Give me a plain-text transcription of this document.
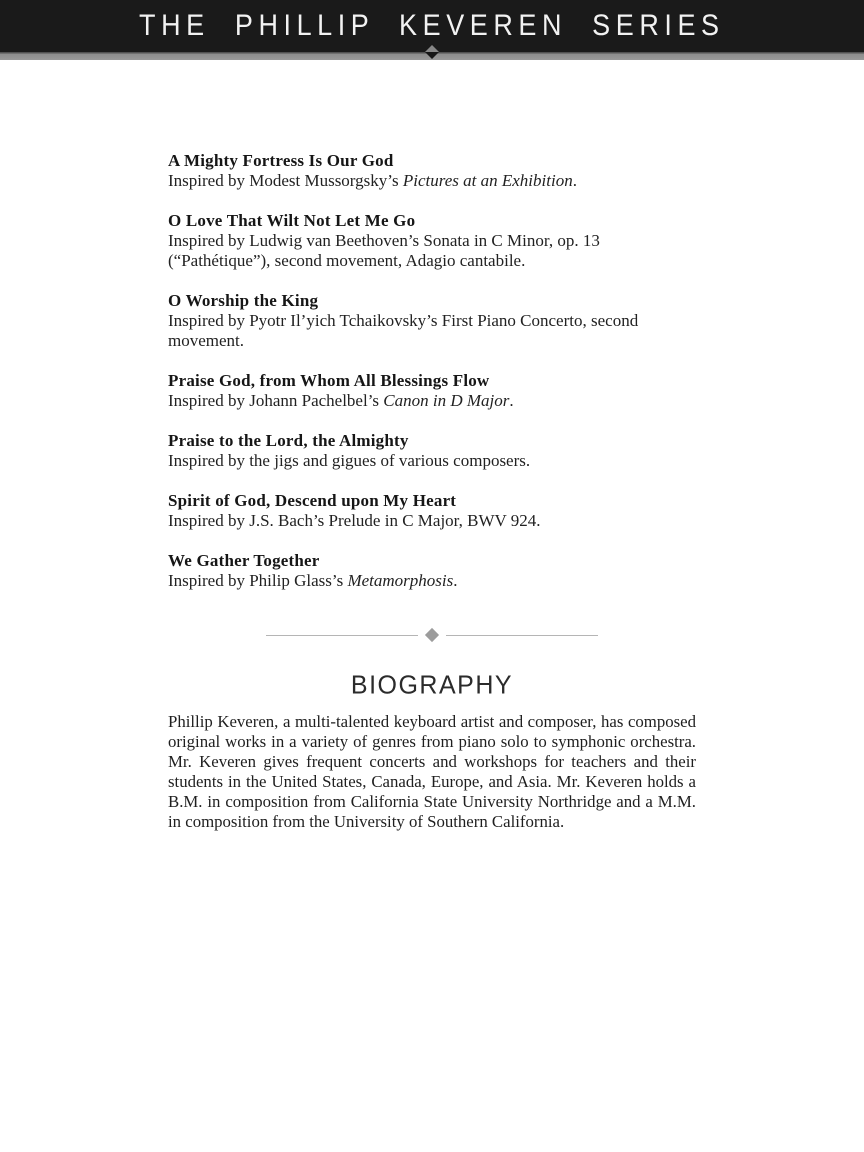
THE PHILLIP KEVEREN SERIES
A Mighty Fortress Is Our God

Inspired by Modest Mussorgsky’s Pictures at an Exhibition.

O Love That Wilt Not Let Me Go

Inspired by Ludwig van Beethoven’s Sonata in C Minor, op. 13 (“Pathétique”), second movement, Adagio cantabile.

O Worship the King

Inspired by Pyotr Il’yich Tchaikovsky’s First Piano Concerto, second movement.

Praise God, from Whom All Blessings Flow

Inspired by Johann Pachelbel’s Canon in D Major.

Praise to the Lord, the Almighty

Inspired by the jigs and gigues of various composers.

Spirit of God, Descend upon My Heart

Inspired by J.S. Bach’s Prelude in C Major, BWV 924.

We Gather Together

Inspired by Philip Glass’s Metamorphosis.

BIOGRAPHY

Phillip Keveren, a multi-talented keyboard artist and composer, has composed original works in a variety of genres from piano solo to symphonic orchestra. Mr. Keveren gives frequent concerts and workshops for teachers and their students in the United States, Canada, Europe, and Asia. Mr. Keveren holds a B.M. in composition from California State University Northridge and a M.M. in composition from the University of Southern California.
